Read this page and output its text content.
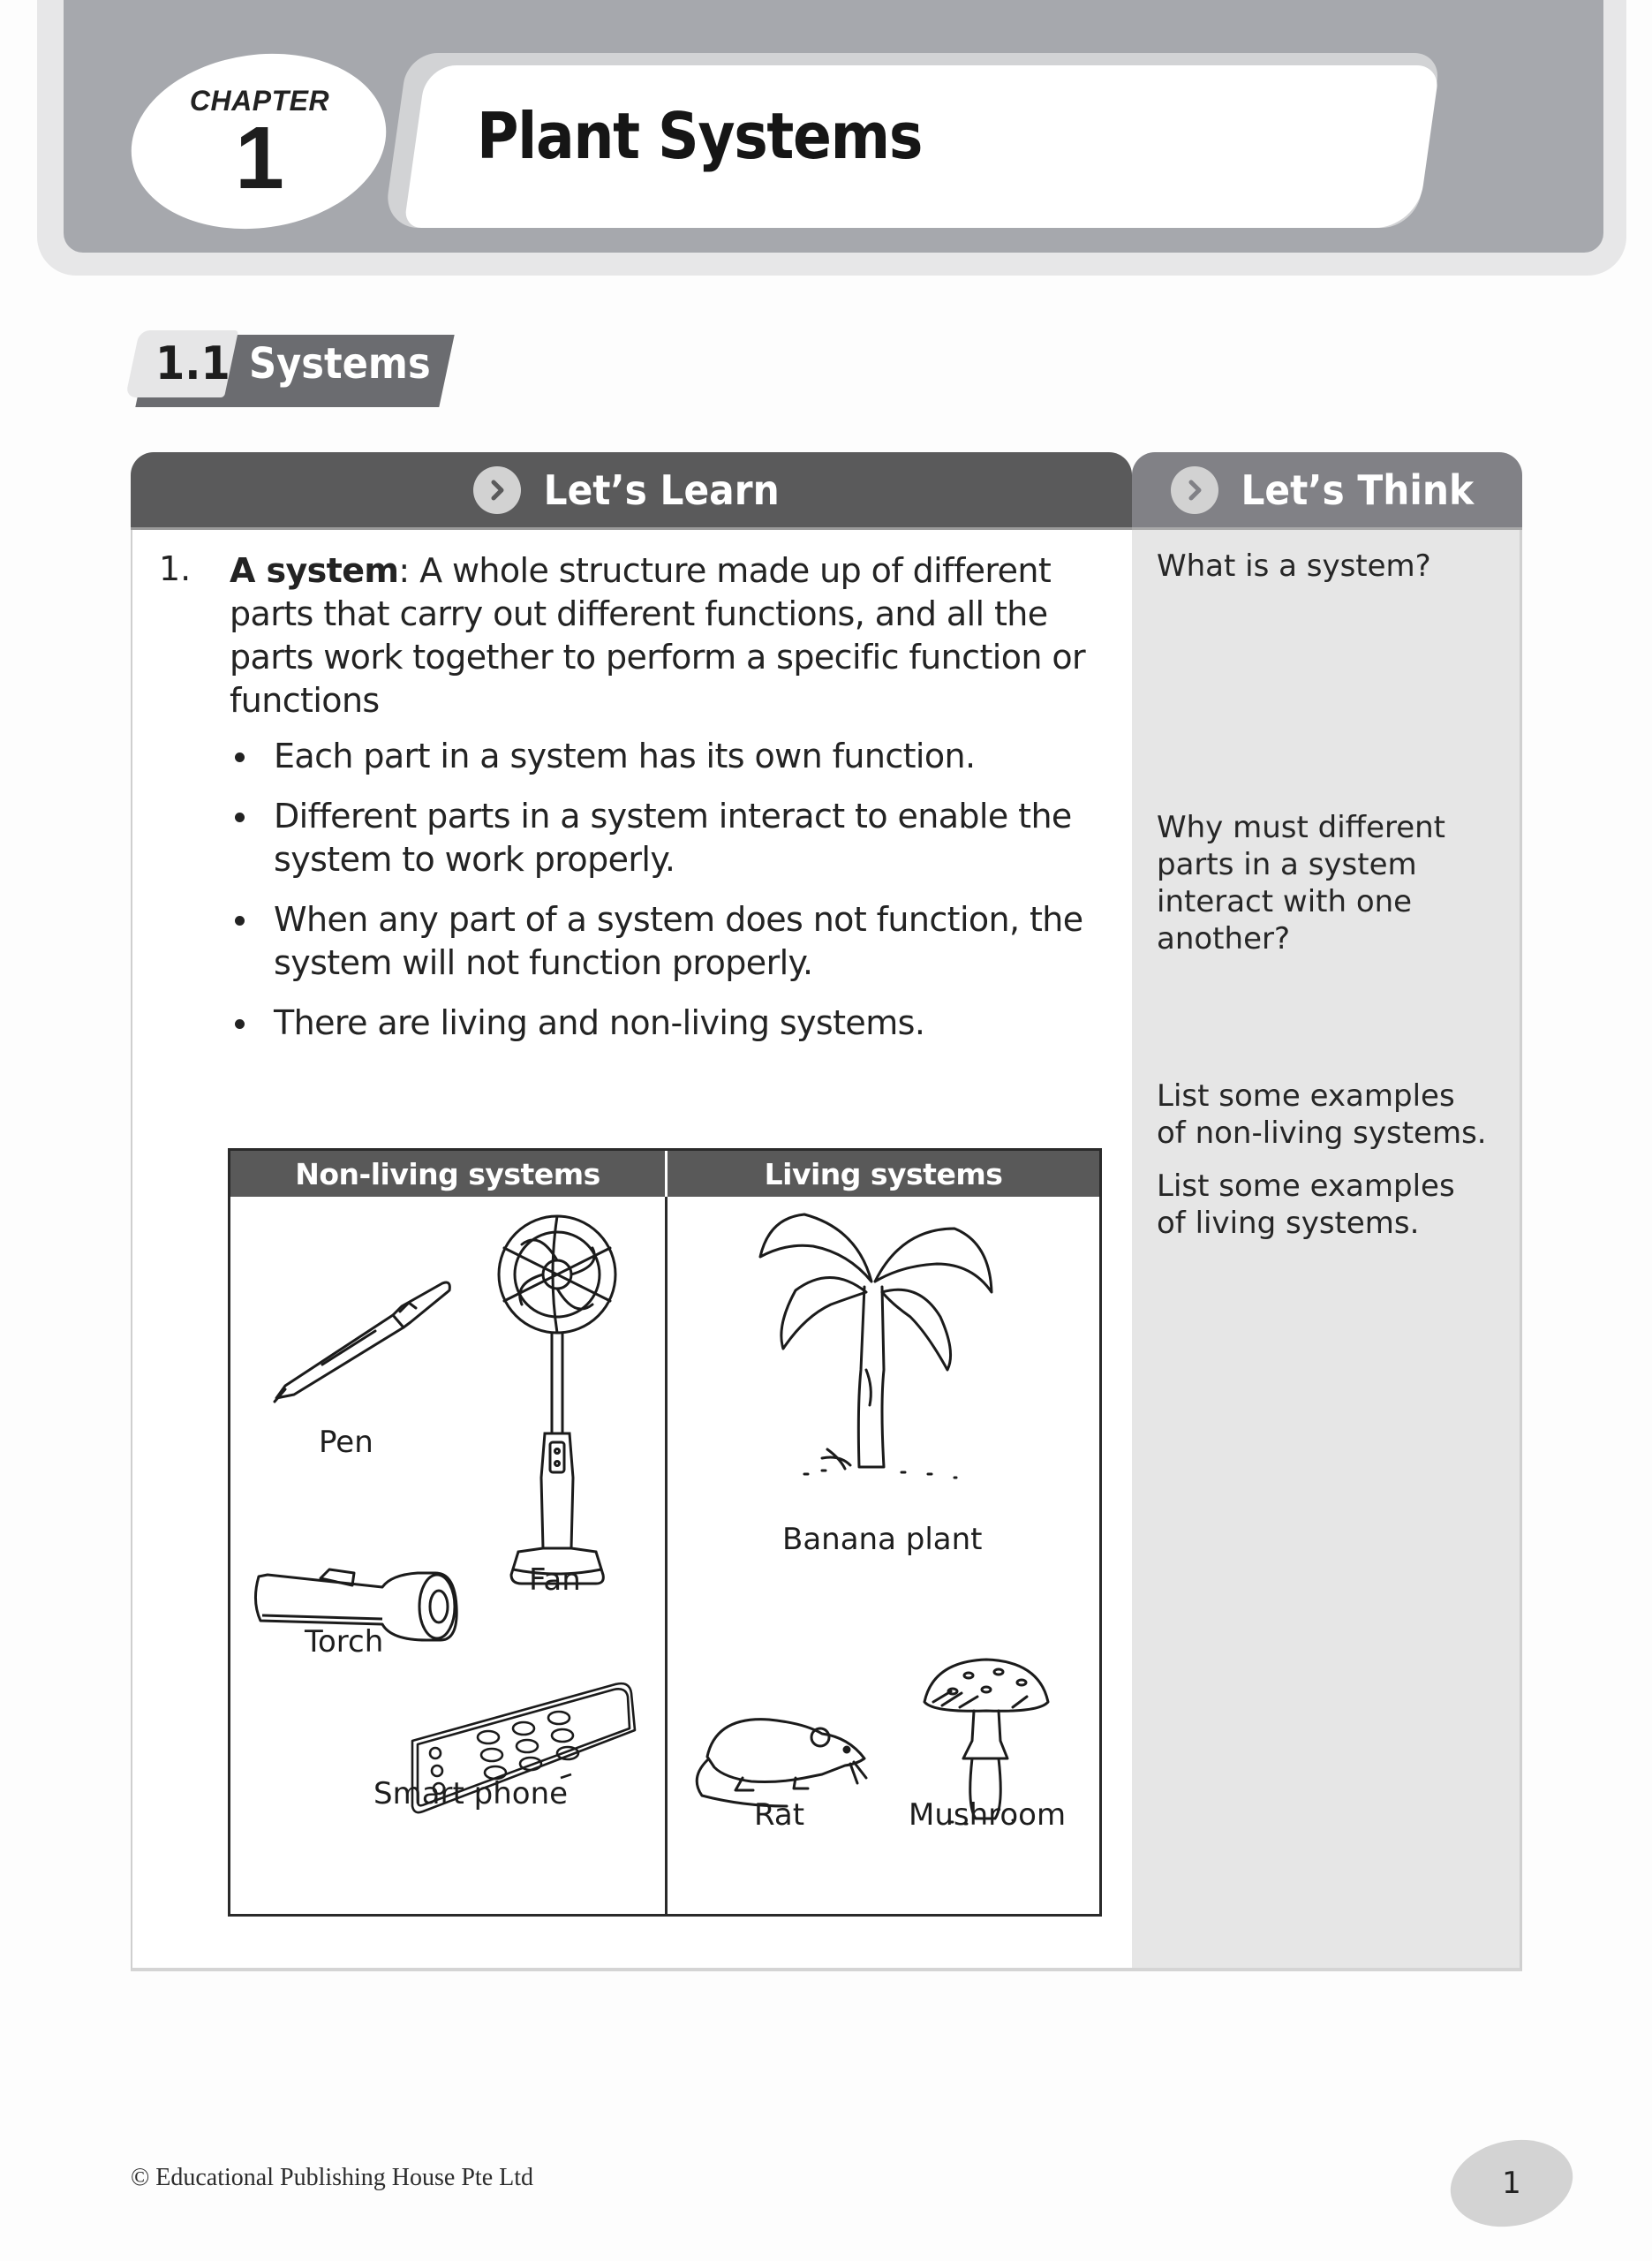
CHAPTER
1	Plant Systems
1.1 Systems
Let’s Learn	Let’s Think
1. A system: A whole structure made up of different parts that carry out different functions, and all the parts work together to perform a specific function or functions
Each part in a system has its own function.
Different parts in a system interact to enable the system to work properly.
When any part of a system does not function, the system will not function properly.
There are living and non-living systems.
Non-living systems	Living systems
Pen
Fan
Torch
Smart phone
Banana plant
Rat	Mushroom
What is a system?
Why must different parts in a system interact with one another?
List some examples of non-living systems.
List some examples of living systems.
© Educational Publishing House Pte Ltd	1
